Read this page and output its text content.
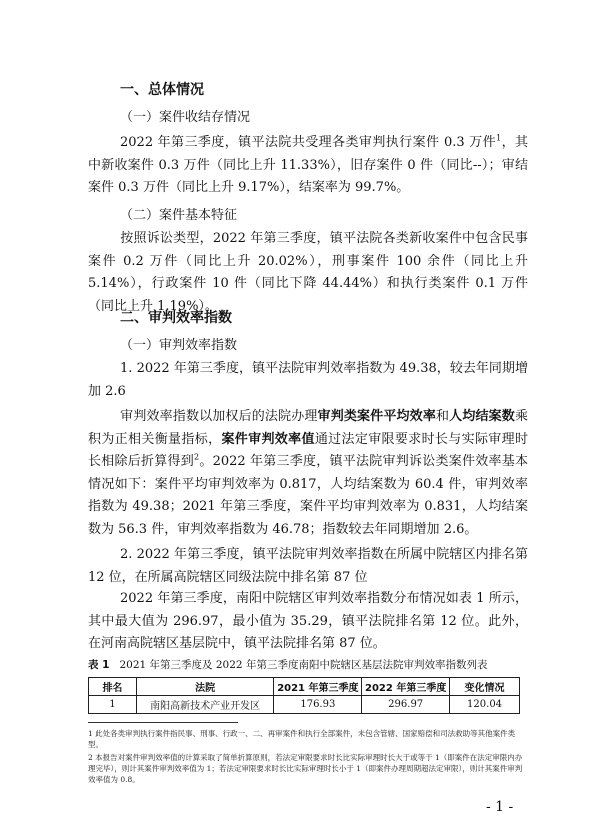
一、总体情况
（一）案件收结存情况

2022 年第三季度，镇平法院共受理各类审判执行案件 0.3 万件$^1$，其中新收案件 0.3 万件（同比上升 11.33%），旧存案件 0 件（同比--）；审结案件 0.3 万件（同比上升 9.17%），结案率为 99.7%。

（二）案件基本特征

按照诉讼类型，2022 年第三季度，镇平法院各类新收案件中包含民事案件 0.2 万件（同比上升 20.02%），刑事案件 100 余件（同比上升 5.14%），行政案件 10 件（同比下降 44.44%）和执行类案件 0.1 万件（同比上升 1.19%）。

二、审判效率指数
（一）审判效率指数

1. 2022 年第三季度，镇平法院审判效率指数为 49.38，较去年同期增加 2.6

审判效率指数以加权后的法院办理审判类案件平均效率和人均结案数乘积为正相关衡量指标，案件审判效率值通过法定审限要求时长与实际审理时长相除后折算得到$^2$。2022 年第三季度，镇平法院审判诉讼类案件效率基本情况如下：案件平均审判效率为 0.817，人均结案数为 60.4 件，审判效率指数为 49.38；2021 年第三季度，案件平均审判效率为 0.831，人均结案数为 56.3 件，审判效率指数为 46.78；指数较去年同期增加 2.6。

2. 2022 年第三季度，镇平法院审判效率指数在所属中院辖区内排名第 12 位，在所属高院辖区同级法院中排名第 87 位

2022 年第三季度，南阳中院辖区审判效率指数分布情况如表 1 所示，其中最大值为 296.97，最小值为 35.29，镇平法院排名第 12 位。此外，在河南高院辖区基层院中，镇平法院排名第 87 位。

表 1 2021 年第三季度及 2022 年第三季度南阳中院辖区基层法院审判效率指数列表
排名	法院	2021 年第三季度	2022 年第三季度	变化情况
1	南阳高新技术产业开发区	176.93	296.97	120.04

1 此处各类审判执行案件指民事、刑事、行政一、二、再审案件和执行全部案件，未包含管辖、国家赔偿和司法救助等其他案件类型。

2 本报告对案件审判效率值的计算采取了简单折算原则，若法定审限要求时长比实际审理时长大于或等于 1（即案件在法定审限内办理完毕），则计其案件审判效率值为 1；若法定审限要求时长比实际审理时长小于 1（即案件办理周期超法定审限），则计其案件审判效率值为 0.8。

- 1 -
